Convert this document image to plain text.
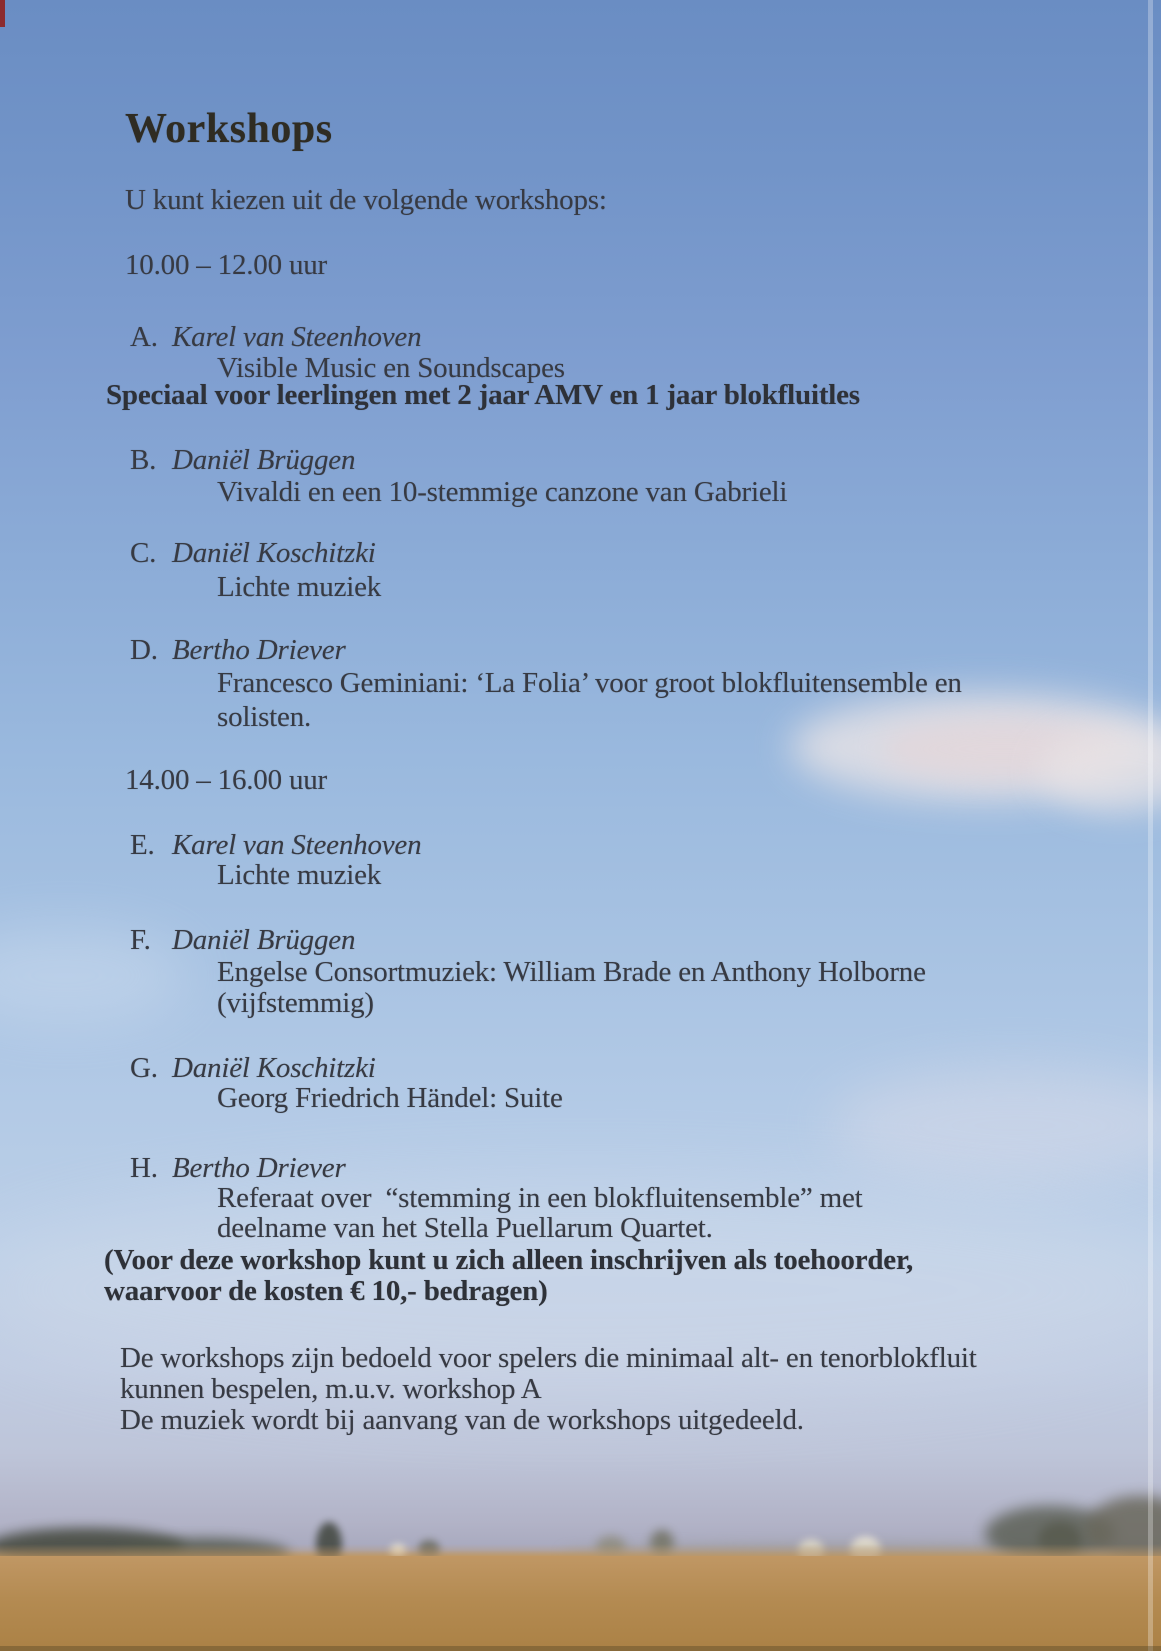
Workshops
U kunt kiezen uit de volgende workshops:
10.00 – 12.00 uur
A. Karel van Steenhoven
Visible Music en Soundscapes
Speciaal voor leerlingen met 2 jaar AMV en 1 jaar blokfluitles
B. Daniël Brüggen
Vivaldi en een 10-stemmige canzone van Gabrieli
C. Daniël Koschitzki
Lichte muziek
D. Bertho Driever
Francesco Geminiani: ‘La Folia’ voor groot blokfluitensemble en
solisten.
14.00 – 16.00 uur
E. Karel van Steenhoven
Lichte muziek
F. Daniël Brüggen
Engelse Consortmuziek: William Brade en Anthony Holborne
(vijfstemmig)
G. Daniël Koschitzki
Georg Friedrich Händel: Suite
H. Bertho Driever
Referaat over  “stemming in een blokfluitensemble” met
deelname van het Stella Puellarum Quartet.
(Voor deze workshop kunt u zich alleen inschrijven als toehoorder,
waarvoor de kosten € 10,- bedragen)
De workshops zijn bedoeld voor spelers die minimaal alt- en tenorblokfluit
kunnen bespelen, m.u.v. workshop A
De muziek wordt bij aanvang van de workshops uitgedeeld.
